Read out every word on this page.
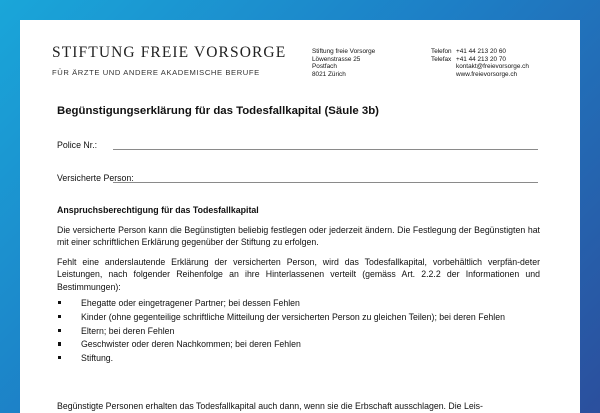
STIFTUNG FREIE VORSORGE
FÜR ÄRZTE UND ANDERE AKADEMISCHE BERUFE
Stiftung freie Vorsorge
Löwenstrasse 25
Postfach
8021 Zürich
Telefon +41 44 213 20 60
Telefax +41 44 213 20 70
kontakt@freievorsorge.ch
www.freievorsorge.ch
Begünstigungserklärung für das Todesfallkapital (Säule 3b)
Police Nr.:
Versicherte Person:
Anspruchsberechtigung für das Todesfallkapital
Die versicherte Person kann die Begünstigten beliebig festlegen oder jederzeit ändern. Die Festlegung der Begünstigten hat mit einer schriftlichen Erklärung gegenüber der Stiftung zu erfolgen.
Fehlt eine anderslautende Erklärung der versicherten Person, wird das Todesfallkapital, vorbehältlich verpfän-deter Leistungen, nach folgender Reihenfolge an ihre Hinterlassenen verteilt (gemäss Art. 2.2.2 der Informationen und Bestimmungen):
Ehegatte oder eingetragener Partner; bei dessen Fehlen
Kinder (ohne gegenteilige schriftliche Mitteilung der versicherten Person zu gleichen Teilen); bei deren Fehlen
Eltern; bei deren Fehlen
Geschwister oder deren Nachkommen; bei deren Fehlen
Stiftung.
Begünstigte Personen erhalten das Todesfallkapital auch dann, wenn sie die Erbschaft ausschlagen. Die Leis-
